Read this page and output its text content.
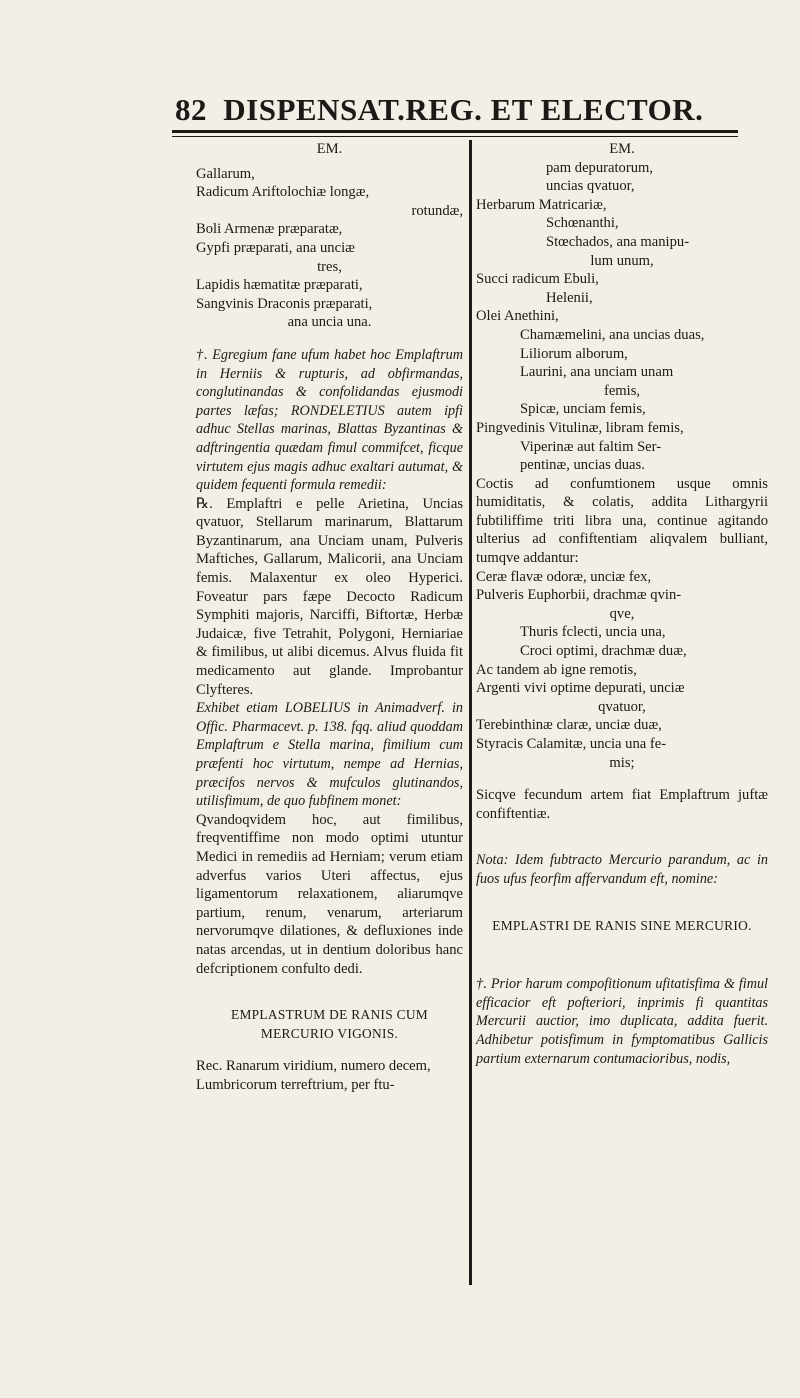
82 DISPENSAT.REG. ET ELECTOR.
EM.
Gallarum,
Radicum Ariftolochiæ longæ,
rotundæ,
Boli Armenæ præparatæ,
Gypfi præparati, ana unciæ
tres,
Lapidis hæmatitæ præparati,
Sangvinis Draconis præparati,
ana uncia una.

†. Egregium fane ufum habet hoc Emplaftrum in Herniis & rupturis, ad obfirmandas, conglutinandas & confolidandas ejusmodi partes læfas; RONDELETIUS autem ipfi adhuc Stellas marinas, Blattas Byzantinas & adftringentia quædam fimul commifcet, ficque virtutem ejus magis adhuc exaltari autumat, & quidem fequenti formula remedii:

℞. Emplaftri e pelle Arietina, Uncias qvatuor, Stellarum marinarum, Blattarum Byzantinarum, ana Unciam unam, Pulveris Maftiches, Gallarum, Malicorii, ana Unciam femis. Malaxentur ex oleo Hyperici. Foveatur pars fæpe Decocto Radicum Symphiti majoris, Narciffi, Biftortæ, Herbæ Judaicæ, five Tetrahit, Polygoni, Herniariae & fimilibus, ut alibi dicemus. Alvus fluida fit medicamento aut glande. Improbantur Clyfteres.

Exhibet etiam LOBELIUS in Animadverf. in Offic. Pharmacevt. p. 138. fqq. aliud quoddam Emplaftrum e Stella marina, fimilium cum præfenti hoc virtutum, nempe ad Hernias, præcifos nervos & mufculos glutinandos, utilisfimum, de quo fubfinem monet:

Qvandoqvidem hoc, aut fimilibus, freqventiffime non modo optimi utuntur Medici in remediis ad Herniam; verum etiam adverfus varios Uteri affectus, ejus ligamentorum relaxationem, aliarumqve partium, renum, venarum, arteriarum nervorumqve dilationes, & defluxiones inde natas arcendas, ut in dentium doloribus hanc defcriptionem confulto dedi.

EMPLASTRUM DE RANIS CUM MERCURIO VIGONIS.
Rec. Ranarum viridium, numero decem,
Lumbricorum terreftrium, per ftu-
EM.
pam depuratorum,
uncias qvatuor,
Herbarum Matricariæ,
Schœnanthi,
Stœchados, ana manipu-
lum unum,
Succi radicum Ebuli,
Helenii,
Olei Anethini,
Chamæmelini, ana uncias duas,
Liliorum alborum,
Laurini, ana unciam unam
femis,
Spicæ, unciam femis,
Pingvedinis Vitulinæ, libram femis,
Viperinæ aut faltim Ser-
pentinæ, uncias duas.

Coctis ad confumtionem usque omnis humiditatis, & colatis, addita Lithargyrii fubtiliffime triti libra una, continue agitando ulterius ad confiftentiam aliqvalem bulliant, tumqve addantur:

Ceræ flavæ odoræ, unciæ fex,
Pulveris Euphorbii, drachmæ qvin-
qve,
Thuris fclecti, uncia una,
Croci optimi, drachmæ duæ,
Ac tandem ab igne remotis,
Argenti vivi optime depurati, unciæ
qvatuor,
Terebinthinæ claræ, unciæ duæ,
Styracis Calamitæ, uncia una fe-
mis;

Sicqve fecundum artem fiat Emplaftrum juftæ confiftentiæ.

Nota: Idem fubtracto Mercurio parandum, ac in fuos ufus feorfim affervandum eft, nomine:

EMPLASTRI DE RANIS SINE MERCURIO.

†. Prior harum compofitionum ufitatisfima & fimul efficacior eft pofteriori, inprimis fi quantitas Mercurii auctior, imo duplicata, addita fuerit. Adhibetur potisfimum in fymptomatibus Gallicis partium externarum contumacioribus, nodis,
